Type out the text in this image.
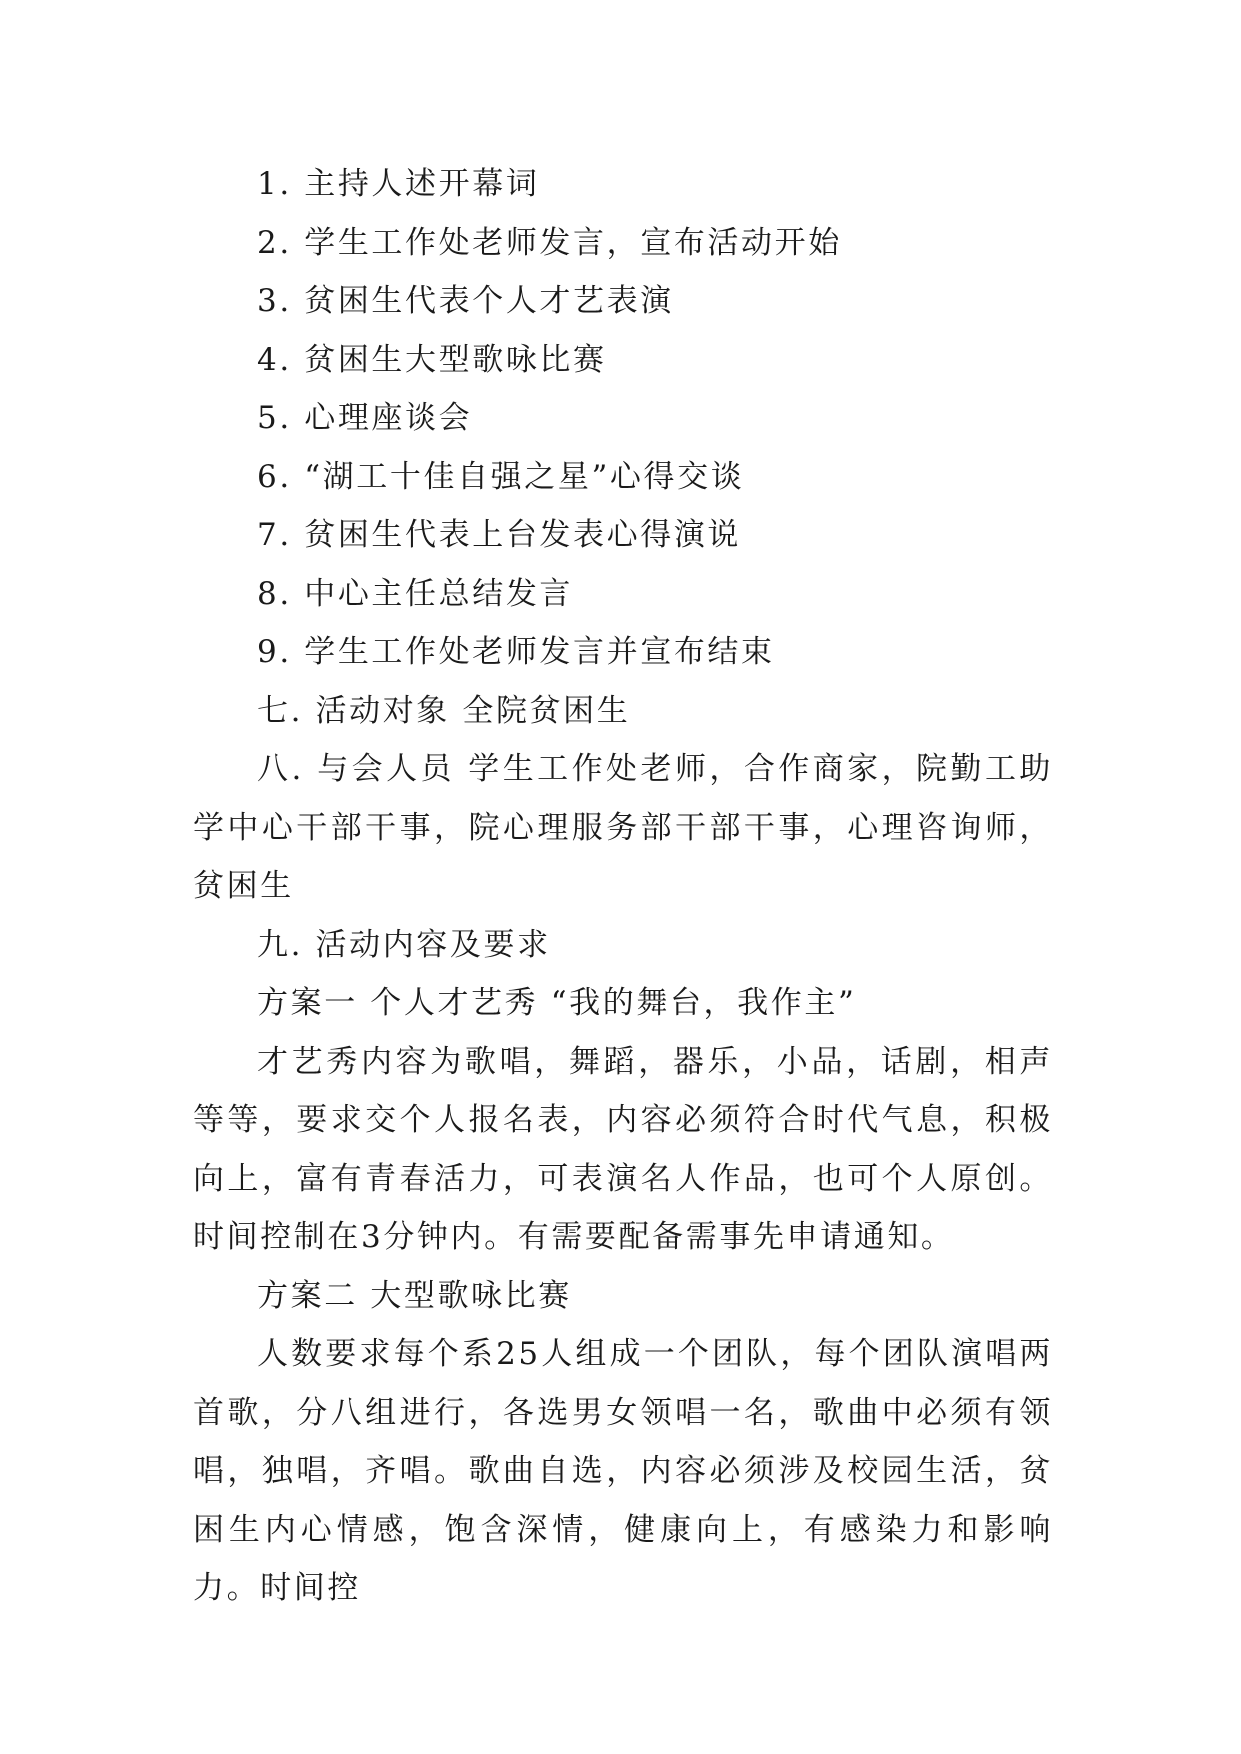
1. 主持人述开幕词

2. 学生工作处老师发言，宣布活动开始

3. 贫困生代表个人才艺表演

4. 贫困生大型歌咏比赛

5. 心理座谈会

6. “湖工十佳自强之星”心得交谈

7. 贫困生代表上台发表心得演说

8. 中心主任总结发言

9. 学生工作处老师发言并宣布结束

七. 活动对象 全院贫困生

八. 与会人员 学生工作处老师，合作商家，院勤工助学中心干部干事，院心理服务部干部干事，心理咨询师，贫困生

九. 活动内容及要求

方案一 个人才艺秀 “我的舞台，我作主”

才艺秀内容为歌唱，舞蹈，器乐，小品，话剧，相声等等，要求交个人报名表，内容必须符合时代气息，积极向上，富有青春活力，可表演名人作品，也可个人原创。时间控制在3分钟内。有需要配备需事先申请通知。

方案二 大型歌咏比赛

人数要求每个系25人组成一个团队，每个团队演唱两首歌，分八组进行，各选男女领唱一名，歌曲中必须有领唱，独唱，齐唱。歌曲自选，内容必须涉及校园生活，贫困生内心情感，饱含深情，健康向上，有感染力和影响力。时间控
